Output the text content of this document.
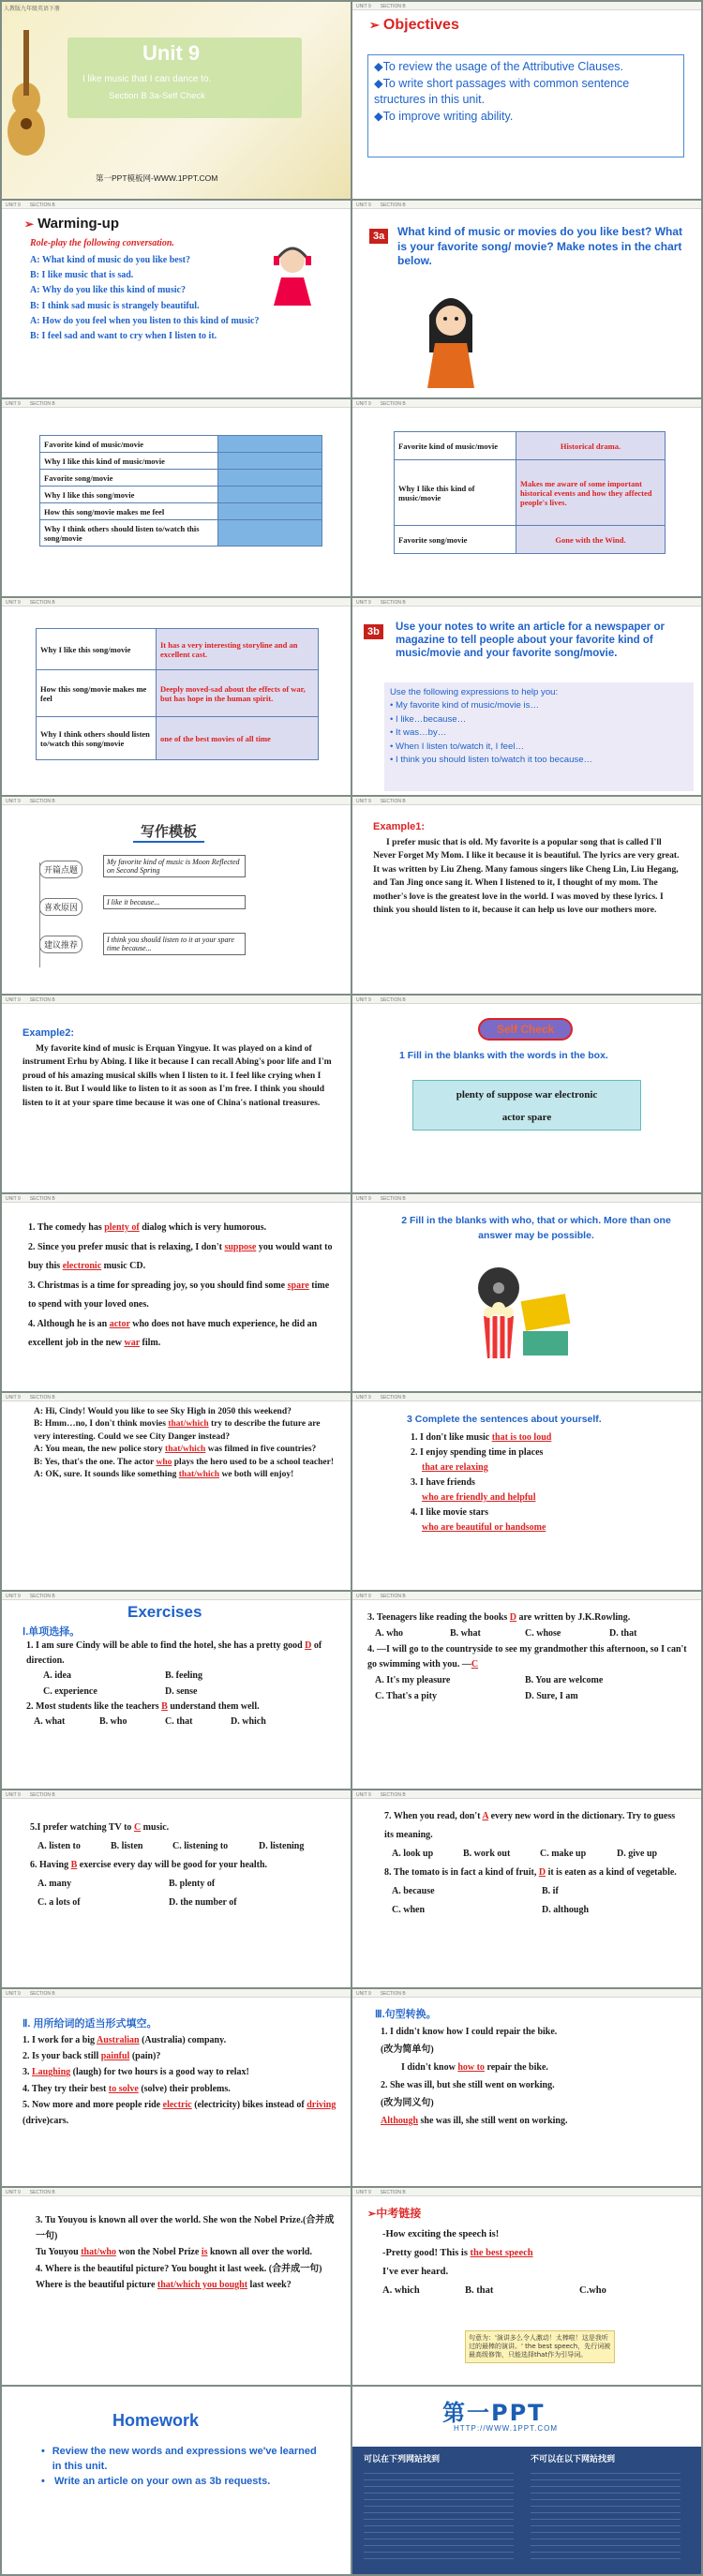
人教版九年级英语下册
Unit 9
I like music that I can dance to.
Section B 3a-Self Check
第一PPT模板网-WWW.1PPT.COM
UNIT 9 SECTION B
➢ Objectives
◆To review the usage of the Attributive Clauses.
◆To write short passages with common sentence structures in this unit.
◆To improve writing ability.
UNIT 9 SECTION B
➢ Warming-up
Role-play the following conversation.
A: What kind of music do you like best?
B: I like music that is sad.
A: Why do you like this kind of music?
B: I think sad music is strangely beautiful.
A: How do you feel when you listen to this kind of music?
B: I feel sad and want to cry when I listen to it.
UNIT 9 SECTION B
3a	What kind of music or movies do you like best? What is your favorite song/ movie? Make notes in the chart below.
UNIT 9 SECTION B
Favorite kind of music/movie	
Why I like this kind of music/movie	
Favorite song/movie	
Why I like this song/movie	
How this song/movie makes me feel	
Why I think others should listen to/watch this song/movie	
UNIT 9 SECTION B
Favorite kind of music/movie	Historical drama.
Why I like this kind of music/movie	Makes me aware of some important historical events and how they affected people's lives.
Favorite song/movie	Gone with the Wind.
UNIT 9 SECTION B
Why I like this song/movie	It has a very interesting storyline and an excellent cast.
How this song/movie makes me feel	Deeply moved-sad about the effects of war, but has hope in the human spirit.
Why I think others should listen to/watch this song/movie	one of the best movies of all time
UNIT 9 SECTION B
3b	Use your notes to write an article for a newspaper or magazine to tell people about your favorite kind of music/movie and your favorite song/movie.
Use the following expressions to help you:
• My favorite kind of music/movie is…
• I like…because…
• It was…by…
• When I listen to/watch it, I feel…
• I think you should listen to/watch it too because…
UNIT 9 SECTION B
写作模板
开篇点题
喜欢原因
建议推荐
My favorite kind of music is Moon Reflected on Second Spring
I like it because...
I think you should listen to it at your spare time because...
UNIT 9 SECTION B
Example1:
I prefer music that is old. My favorite is a popular song that is called I'll Never Forget My Mom. I like it because it is beautiful. The lyrics are very great. It was written by Liu Zheng. Many famous singers like Cheng Lin, Liu Hegang, and Tan Jing once sang it. When I listened to it, I thought of my mom. The mother's love is the greatest love in the world. I was moved by these lyrics. I think you should listen to it, because it can help us love our mothers more.
UNIT 9 SECTION B
Example2:
My favorite kind of music is Erquan Yingyue. It was played on a kind of instrument Erhu by Abing. I like it because I can recall Abing's poor life and I'm proud of his amazing musical skills when I listen to it. I feel like crying when I listen to it. But I would like to listen to it as soon as I'm free. I think you should listen to it at your spare time because it was one of China's national treasures.
UNIT 9 SECTION B
Self Check
1 Fill in the blanks with the words in the box.
plenty of suppose war electronic
actor spare
UNIT 9 SECTION B
1. The comedy has plenty of dialog which is very humorous.
2. Since you prefer music that is relaxing, I don't suppose you would want to buy this electronic music CD.
3. Christmas is a time for spreading joy, so you should find some spare time to spend with your loved ones.
4. Although he is an actor who does not have much experience, he did an excellent job in the new war film.
UNIT 9 SECTION B
2 Fill in the blanks with who, that or which. More than one answer may be possible.
UNIT 9 SECTION B
A: Hi, Cindy! Would you like to see Sky High in 2050 this weekend?
B: Hmm…no, I don't think movies that/which try to describe the future are very interesting. Could we see City Danger instead?
A: You mean, the new police story that/which was filmed in five countries?
B: Yes, that's the one. The actor who plays the hero used to be a school teacher!
A: OK, sure. It sounds like something that/which we both will enjoy!
UNIT 9 SECTION B
3 Complete the sentences about yourself.
1. I don't like music that is too loud
2. I enjoy spending time in places
that are relaxing
3. I have friends
who are friendly and helpful
4. I like movie stars
who are beautiful or handsome
UNIT 9 SECTION B
Exercises
Ⅰ.单项选择。
1. I am sure Cindy will be able to find the hotel, she has a pretty good D of direction.
A. idea	B. feeling
C. experience	D. sense
2. Most students like the teachers B understand them well.
A. what	B. who	C. that	D. which
UNIT 9 SECTION B
3. Teenagers like reading the books D are written by J.K.Rowling.
A. who	B. what	C. whose	D. that
4. —I will go to the countryside to see my grandmother this afternoon, so I can't go swimming with you. —C
A. It's my pleasure	B. You are welcome
C. That's a pity	D. Sure, I am
UNIT 9 SECTION B
5.I prefer watching TV to C music.
A. listen to	B. listen	C. listening to	D. listening
6. Having B exercise every day will be good for your health.
A. many	B. plenty of
C. a lots of	D. the number of
UNIT 9 SECTION B
7. When you read, don't A every new word in the dictionary. Try to guess its meaning.
A. look up	B. work out	C. make up	D. give up
8. The tomato is in fact a kind of fruit, D it is eaten as a kind of vegetable.
A. because	B. if
C. when	D. although
UNIT 9 SECTION B
Ⅱ. 用所给词的适当形式填空。
1. I work for a big Australian (Australia) company.
2. Is your back still painful (pain)?
3. Laughing (laugh) for two hours is a good way to relax!
4. They try their best to solve (solve) their problems.
5. Now more and more people ride electric (electricity) bikes instead of driving (drive)cars.
UNIT 9 SECTION B
Ⅲ.句型转换。
1. I didn't know how I could repair the bike.
(改为简单句)
I didn't know how to repair the bike.
2. She was ill, but she still went on working.
(改为同义句)
Although she was ill, she still went on working.
UNIT 9 SECTION B
3. Tu Youyou is known all over the world. She won the Nobel Prize.(合并成一句)
Tu Youyou that/who won the Nobel Prize is known all over the world.
4. Where is the beautiful picture? You bought it last week. (合并成一句)
Where is the beautiful picture that/which you bought last week?
UNIT 9 SECTION B
➢中考链接
-How exciting the speech is!
-Pretty good! This is the best speech
I've ever heard.
A. which	B. that	C.who
句意为：'演讲多么令人激动！太棒啦！这是我听过的最棒的演讲。' the best speech，先行词被最高级修饰，只能选择that作为引导词。
Homework
• Review the new words and expressions we've learned in this unit.
• Write an article on your own as 3b requests.
第一PPT
HTTP://WWW.1PPT.COM
可以在下列网站找到	不可以在以下网站找到
